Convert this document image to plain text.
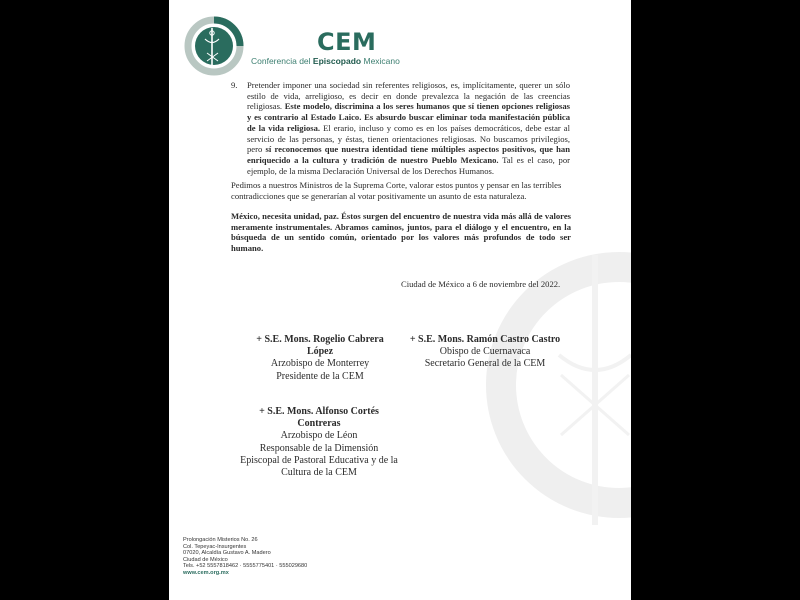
CEM
Conferencia del Episcopado Mexicano
9. Pretender imponer una sociedad sin referentes religiosos, es, implícitamente, querer un sólo estilo de vida, arreligioso, es decir en donde prevalezca la negación de las creencias religiosas. Este modelo, discrimina a los seres humanos que sí tienen opciones religiosas y es contrario al Estado Laico. Es absurdo buscar eliminar toda manifestación pública de la vida religiosa. El erario, incluso y como es en los países democráticos, debe estar al servicio de las personas, y éstas, tienen orientaciones religiosas. No buscamos privilegios, pero sí reconocemos que nuestra identidad tiene múltiples aspectos positivos, que han enriquecido a la cultura y tradición de nuestro Pueblo Mexicano. Tal es el caso, por ejemplo, de la misma Declaración Universal de los Derechos Humanos.
Pedimos a nuestros Ministros de la Suprema Corte, valorar estos puntos y pensar en las terribles contradicciones que se generarían al votar positivamente un asunto de esta naturaleza.
México, necesita unidad, paz. Éstos surgen del encuentro de nuestra vida más allá de valores meramente instrumentales. Abramos caminos, juntos, para el diálogo y el encuentro, en la búsqueda de un sentido común, orientado por los valores más profundos de todo ser humano.
Ciudad de México a 6 de noviembre del 2022.
+ S.E. Mons. Rogelio Cabrera López
Arzobispo de Monterrey
Presidente de la CEM
+ S.E. Mons. Ramón Castro Castro
Obispo de Cuernavaca
Secretario General de la CEM
+ S.E. Mons. Alfonso Cortés Contreras
Arzobispo de Léon
Responsable de la Dimensión Episcopal de Pastoral Educativa y de la Cultura de la CEM
Prolongación Misterios No. 26
Col. Tepeyac-Insurgentes
07020, Alcaldía Gustavo A. Madero
Ciudad de México
Tels. +52 5557818462 · 5555775401 · 555029680
www.cem.org.mx
